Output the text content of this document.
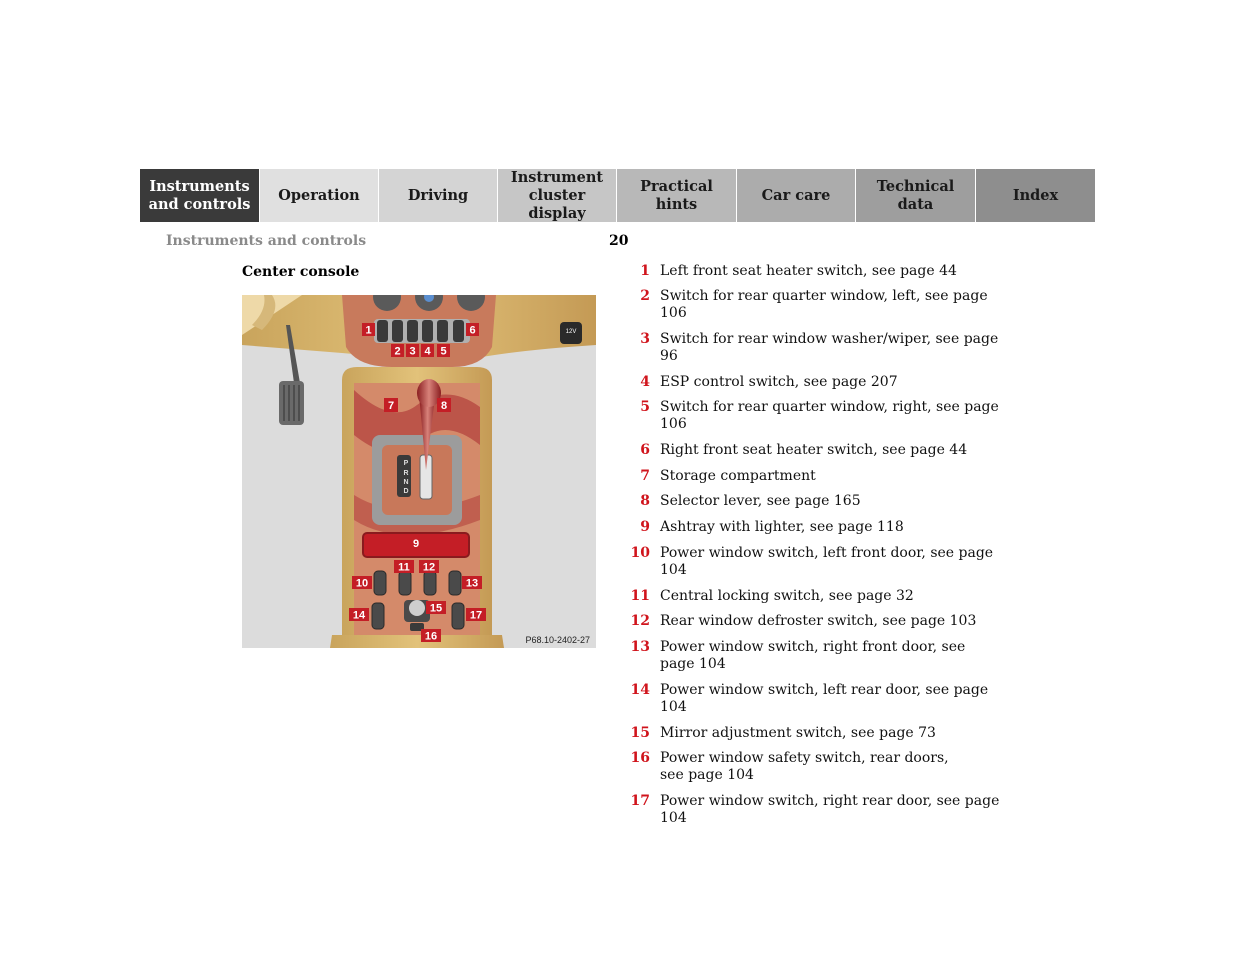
Instruments
and controls
Operation	Driving
Instrument
cluster display
Practical hints
Car care
Technical
data
Index
Instruments and controls	20
Center console
12V
P
R
N
D
1	6
2 3 4 5
7	8
9
11 12
10	13
14
15
17
16	P68.10-2402-27
1 Left front seat heater switch, see page 44
2 Switch for rear quarter window, left, see page 106
3 Switch for rear window washer/wiper, see page 96
4 ESP control switch, see page 207
5 Switch for rear quarter window, right, see page 106
6 Right front seat heater switch, see page 44
7 Storage compartment
8 Selector lever, see page 165
9 Ashtray with lighter, see page 118
10 Power window switch, left front door, see page 104
11 Central locking switch, see page 32
12 Rear window defroster switch, see page 103
13 Power window switch, right front door, see page 104
14 Power window switch, left rear door, see page 104
15 Mirror adjustment switch, see page 73
16 Power window safety switch, rear doors, see page 104
17 Power window switch, right rear door, see page 104
